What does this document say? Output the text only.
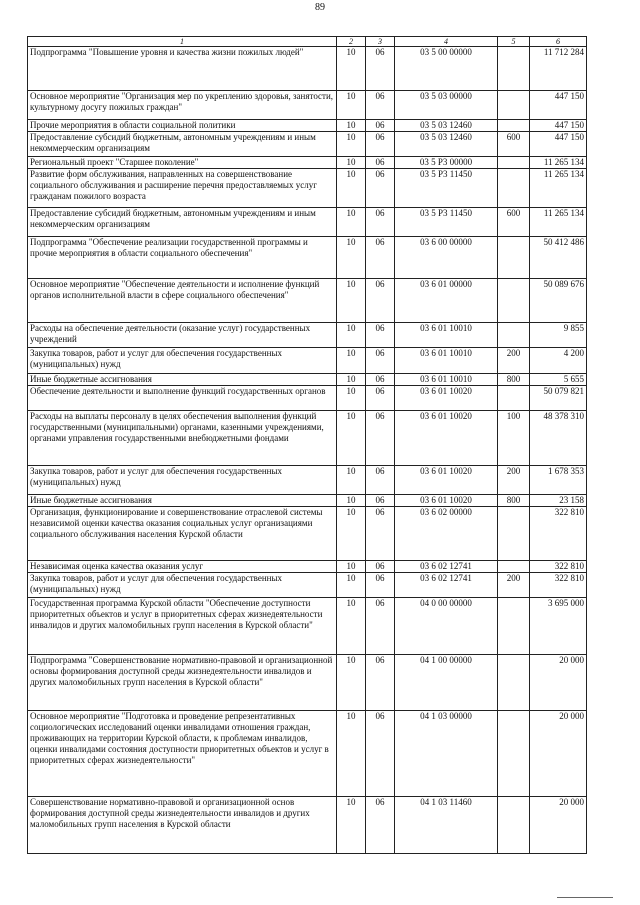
89
1	2	3	4	5	6
Подпрограмма "Повышение уровня и качества жизни пожилых людей"	10	06	03 5 00 00000		11 712 284
Основное мероприятие "Организация мер по укреплению здоровья, занятости, культурному досугу пожилых граждан"	10	06	03 5 03 00000		447 150
Прочие мероприятия в области социальной политики	10	06	03 5 03 12460		447 150
Предоставление субсидий бюджетным, автономным учреждениям и иным некоммерческим организациям	10	06	03 5 03 12460	600	447 150
Региональный проект "Старшее поколение"	10	06	03 5 P3 00000		11 265 134
Развитие форм обслуживания, направленных на совершенствование социального обслуживания и расширение перечня предоставляемых услуг гражданам пожилого возраста	10	06	03 5 P3 11450		11 265 134
Предоставление субсидий бюджетным, автономным учреждениям и иным некоммерческим организациям	10	06	03 5 P3 11450	600	11 265 134
Подпрограмма "Обеспечение реализации государственной программы и прочие мероприятия в области социального обеспечения"	10	06	03 6 00 00000		50 412 486
Основное мероприятие "Обеспечение деятельности и исполнение функций органов исполнительной власти в сфере социального обеспечения"	10	06	03 6 01 00000		50 089 676
Расходы на обеспечение деятельности (оказание услуг) государственных учреждений	10	06	03 6 01 10010		9 855
Закупка товаров, работ и услуг для обеспечения государственных (муниципальных) нужд	10	06	03 6 01 10010	200	4 200
Иные бюджетные ассигнования	10	06	03 6 01 10010	800	5 655
Обеспечение деятельности и выполнение функций государственных органов	10	06	03 6 01 10020		50 079 821
Расходы на выплаты персоналу в целях обеспечения выполнения функций государственными (муниципальными) органами, казенными учреждениями, органами управления государственными внебюджетными фондами	10	06	03 6 01 10020	100	48 378 310
Закупка товаров, работ и услуг для обеспечения государственных (муниципальных) нужд	10	06	03 6 01 10020	200	1 678 353
Иные бюджетные ассигнования	10	06	03 6 01 10020	800	23 158
Организация, функционирование и совершенствование отраслевой системы независимой оценки качества оказания социальных услуг организациями социального обслуживания населения Курской области	10	06	03 6 02 00000		322 810
Независимая оценка качества оказания услуг	10	06	03 6 02 12741		322 810
Закупка товаров, работ и услуг для обеспечения государственных (муниципальных) нужд	10	06	03 6 02 12741	200	322 810
Государственная программа Курской области "Обеспечение доступности приоритетных объектов и услуг в приоритетных сферах жизнедеятельности инвалидов и других маломобильных групп населения в Курской области"	10	06	04 0 00 00000		3 695 000
Подпрограмма "Совершенствование нормативно-правовой и организационной основы формирования доступной среды жизнедеятельности инвалидов и других маломобильных групп населения в Курской области"	10	06	04 1 00 00000		20 000
Основное мероприятие "Подготовка и проведение репрезентативных социологических исследований оценки инвалидами отношения граждан, проживающих на территории Курской области, к проблемам инвалидов, оценки инвалидами состояния доступности приоритетных объектов и услуг в приоритетных сферах жизнедеятельности"	10	06	04 1 03 00000		20 000
Совершенствование нормативно-правовой и организационной основ формирования доступной среды жизнедеятельности инвалидов и других маломобильных групп населения в Курской области	10	06	04 1 03 11460		20 000
